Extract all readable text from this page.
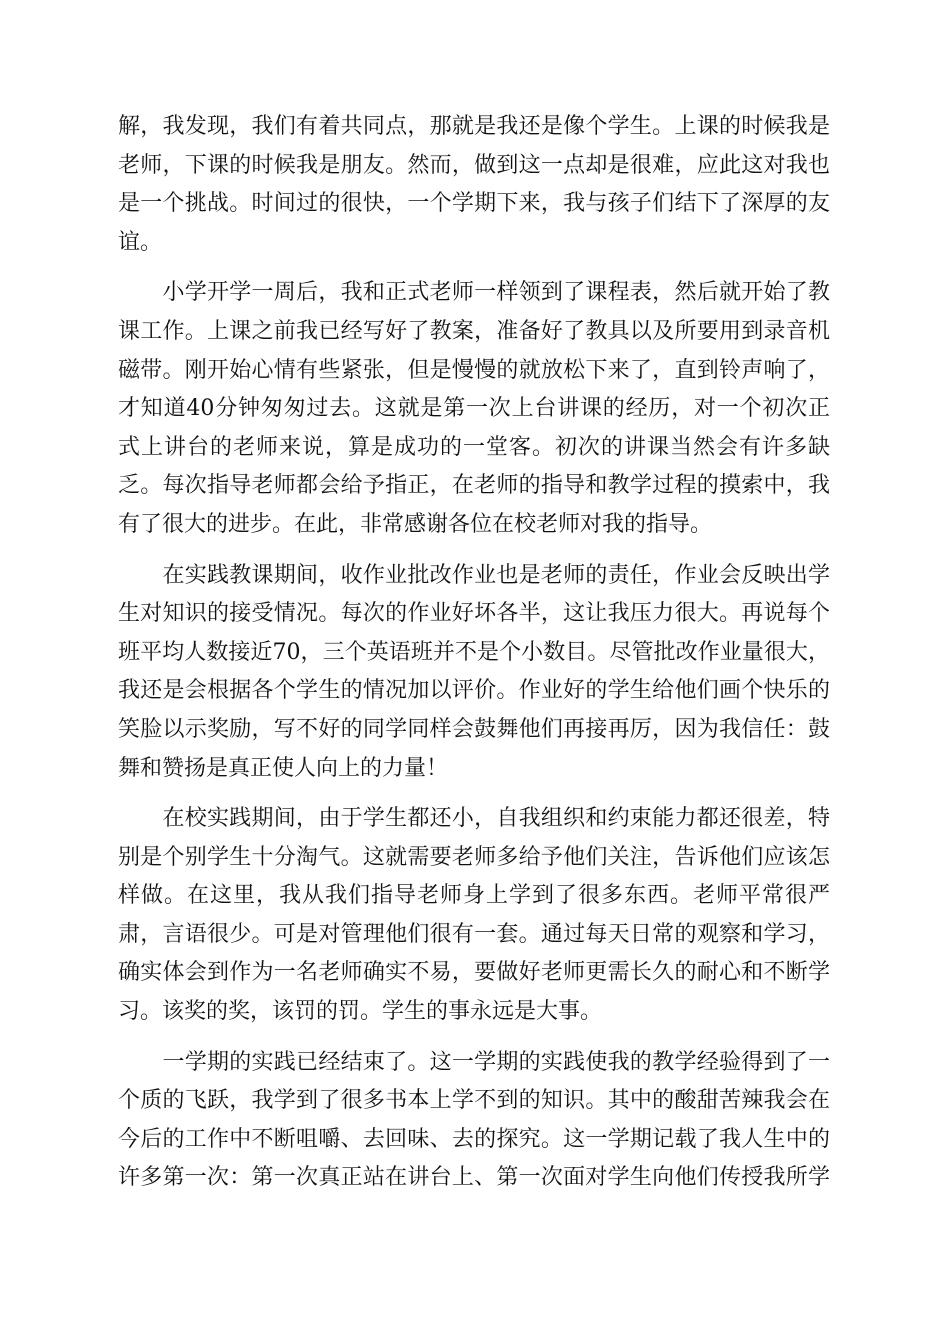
解，我发现，我们有着共同点，那就是我还是像个学生。上课的时候我是
老师，下课的时候我是朋友。然而，做到这一点却是很难，应此这对我也
是一个挑战。时间过的很快，一个学期下来，我与孩子们结下了深厚的友
谊。
　　小学开学一周后，我和正式老师一样领到了课程表，然后就开始了教
课工作。上课之前我已经写好了教案，准备好了教具以及所要用到录音机
磁带。刚开始心情有些紧张，但是慢慢的就放松下来了，直到铃声响了，
才知道40分钟匆匆过去。这就是第一次上台讲课的经历，对一个初次正
式上讲台的老师来说，算是成功的一堂客。初次的讲课当然会有许多缺
乏。每次指导老师都会给予指正，在老师的指导和教学过程的摸索中，我
有了很大的进步。在此，非常感谢各位在校老师对我的指导。
　　在实践教课期间，收作业批改作业也是老师的责任，作业会反映出学
生对知识的接受情况。每次的作业好坏各半，这让我压力很大。再说每个
班平均人数接近70，三个英语班并不是个小数目。尽管批改作业量很大，
我还是会根据各个学生的情况加以评价。作业好的学生给他们画个快乐的
笑脸以示奖励，写不好的同学同样会鼓舞他们再接再厉，因为我信任：鼓
舞和赞扬是真正使人向上的力量！
　　在校实践期间，由于学生都还小，自我组织和约束能力都还很差，特
别是个别学生十分淘气。这就需要老师多给予他们关注，告诉他们应该怎
样做。在这里，我从我们指导老师身上学到了很多东西。老师平常很严
肃，言语很少。可是对管理他们很有一套。通过每天日常的观察和学习，
确实体会到作为一名老师确实不易，要做好老师更需长久的耐心和不断学
习。该奖的奖，该罚的罚。学生的事永远是大事。
　　一学期的实践已经结束了。这一学期的实践使我的教学经验得到了一
个质的飞跃，我学到了很多书本上学不到的知识。其中的酸甜苦辣我会在
今后的工作中不断咀嚼、去回味、去的探究。这一学期记载了我人生中的
许多第一次：第一次真正站在讲台上、第一次面对学生向他们传授我所学
